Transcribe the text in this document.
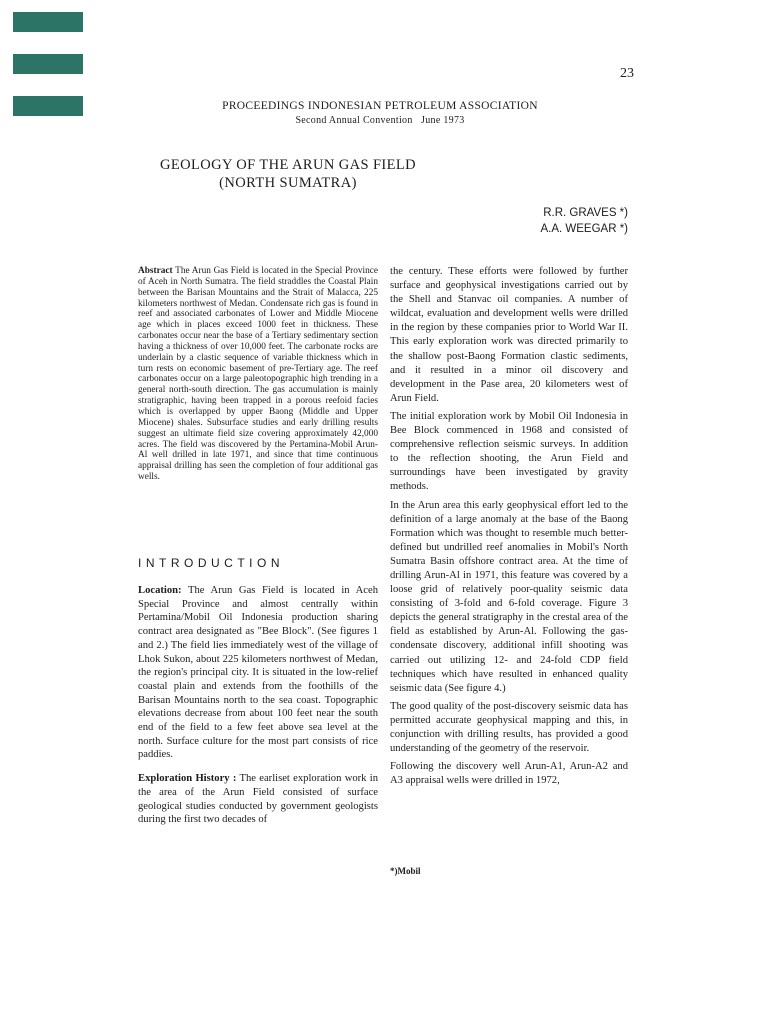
23
PROCEEDINGS INDONESIAN PETROLEUM ASSOCIATION
Second Annual Convention   June 1973
GEOLOGY OF THE ARUN GAS FIELD
(NORTH SUMATRA)
R.R. GRAVES *)
A.A. WEEGAR *)
Abstract The Arun Gas Field is located in the Special Province of Aceh in North Sumatra. The field straddles the Coastal Plain between the Barisan Mountains and the Strait of Malacca, 225 kilometers northwest of Medan. Condensate rich gas is found in reef and associated carbonates of Lower and Middle Miocene age which in places exceed 1000 feet in thickness. These carbonates occur near the base of a Tertiary sedimentary section having a thickness of over 10,000 feet. The carbonate rocks are underlain by a clastic sequence of variable thickness which in turn rests on economic basement of pre-Tertiary age. The reef carbonates occur on a large paleotopographic high trending in a general north-south direction. The gas accumulation is mainly stratigraphic, having been trapped in a porous reefoid facies which is overlapped by upper Baong (Middle and Upper Miocene) shales. Subsurface studies and early drilling results suggest an ultimate field size covering approximately 42,000 acres. The field was discovered by the Pertamina-Mobil Arun-Al well drilled in late 1971, and since that time continuous appraisal drilling has seen the completion of four additional gas wells.
INTRODUCTION

Location: The Arun Gas Field is located in Aceh Special Province and almost centrally within Pertamina/Mobil Oil Indonesia production sharing contract area designated as "Bee Block". (See figures 1 and 2.) The field lies immediately west of the village of Lhok Sukon, about 225 kilometers northwest of Medan, the region's principal city. It is situated in the low-relief coastal plain and extends from the foothills of the Barisan Mountains north to the sea coast. Topographic elevations decrease from about 100 feet near the south end of the field to a few feet above sea level at the north. Surface culture for the most part consists of rice paddies.

Exploration History : The earliset exploration work in the area of the Arun Field consisted of surface geological studies conducted by government geologists during the first two decades of

the century. These efforts were followed by further surface and geophysical investigations carried out by the Shell and Stanvac oil companies. A number of wildcat, evaluation and development wells were drilled in the region by these companies prior to World War II. This early exploration work was directed primarily to the shallow post-Baong Formation clastic sediments, and it resulted in a minor oil discovery and development in the Pase area, 20 kilometers west of Arun Field.

The initial exploration work by Mobil Oil Indonesia in Bee Block commenced in 1968 and consisted of comprehensive reflection seismic surveys. In addition to the reflection shooting, the Arun Field and surroundings have been investigated by gravity methods.

In the Arun area this early geophysical effort led to the definition of a large anomaly at the base of the Baong Formation which was thought to resemble much better-defined but undrilled reef anomalies in Mobil's North Sumatra Basin offshore contract area. At the time of drilling Arun-Al in 1971, this feature was covered by a loose grid of relatively poor-quality seismic data consisting of 3-fold and 6-fold coverage. Figure 3 depicts the general stratigraphy in the crestal area of the field as established by Arun-Al. Following the gas-condensate discovery, additional infill shooting was carried out utilizing 12- and 24-fold CDP field techniques which have resulted in enhanced quality seismic data (See figure 4.)

The good quality of the post-discovery seismic data has permitted accurate geophysical mapping and this, in conjunction with drilling results, has provided a good understanding of the geometry of the reservoir.

Following the discovery well Arun-A1, Arun-A2 and A3 appraisal wells were drilled in 1972,

*)Mobil
